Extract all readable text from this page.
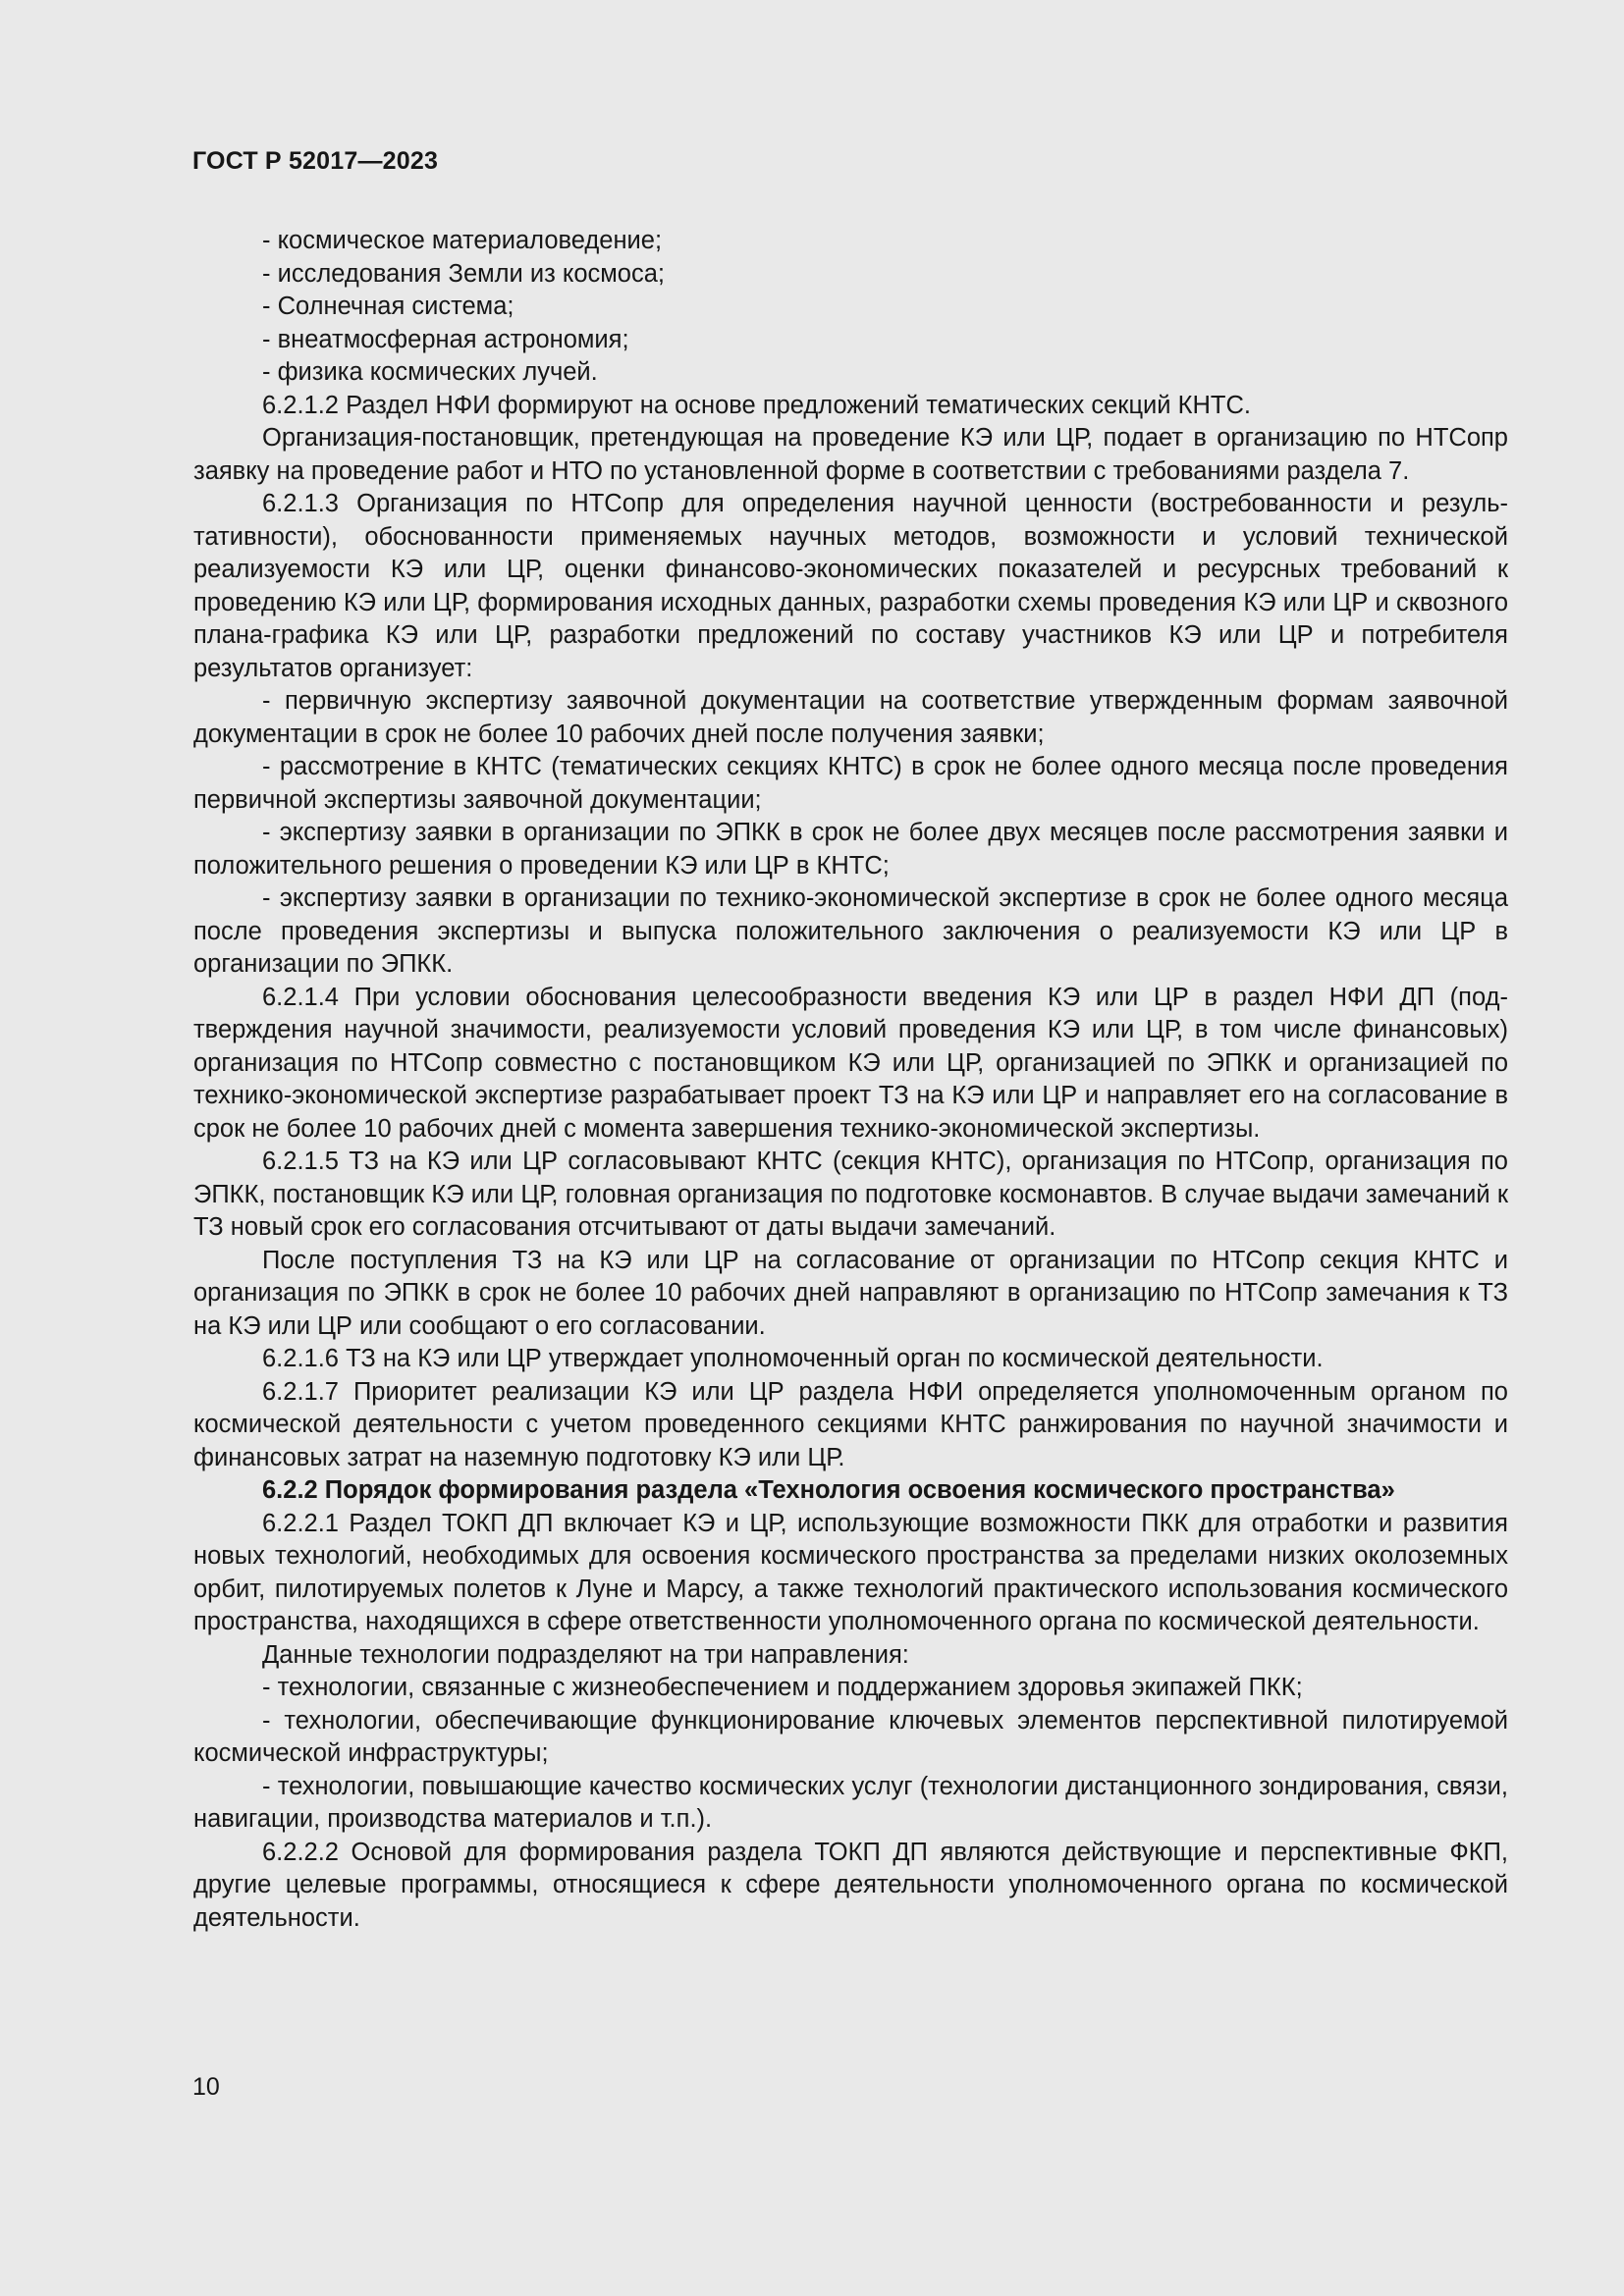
ГОСТ Р 52017—2023

- космическое материаловедение;

- исследования Земли из космоса;

- Солнечная система;

- внеатмосферная астрономия;

- физика космических лучей.

6.2.1.2 Раздел НФИ формируют на основе предложений тематических секций КНТС.

Организация-постановщик, претендующая на проведение КЭ или ЦР, подает в организацию по НТСопр заявку на проведение работ и НТО по установленной форме в соответствии с требованиями раздела 7.

6.2.1.3 Организация по НТСопр для определения научной ценности (востребованности и результативности), обоснованности применяемых научных методов, возможности и условий технической реализуемости КЭ или ЦР, оценки финансово-экономических показателей и ресурсных требований к проведению КЭ или ЦР, формирования исходных данных, разработки схемы проведения КЭ или ЦР и сквозного плана-графика КЭ или ЦР, разработки предложений по составу участников КЭ или ЦР и потребителя результатов организует:

- первичную экспертизу заявочной документации на соответствие утвержденным формам заявочной документации в срок не более 10 рабочих дней после получения заявки;

- рассмотрение в КНТС (тематических секциях КНТС) в срок не более одного месяца после проведения первичной экспертизы заявочной документации;

- экспертизу заявки в организации по ЭПКК в срок не более двух месяцев после рассмотрения заявки и положительного решения о проведении КЭ или ЦР в КНТС;

- экспертизу заявки в организации по технико-экономической экспертизе в срок не более одного месяца после проведения экспертизы и выпуска положительного заключения о реализуемости КЭ или ЦР в организации по ЭПКК.

6.2.1.4 При условии обоснования целесообразности введения КЭ или ЦР в раздел НФИ ДП (подтверждения научной значимости, реализуемости условий проведения КЭ или ЦР, в том числе финансовых) организация по НТСопр совместно с постановщиком КЭ или ЦР, организацией по ЭПКК и организацией по технико-экономической экспертизе разрабатывает проект ТЗ на КЭ или ЦР и направляет его на согласование в срок не более 10 рабочих дней с момента завершения технико-экономической экспертизы.

6.2.1.5 ТЗ на КЭ или ЦР согласовывают КНТС (секция КНТС), организация по НТСопр, организация по ЭПКК, постановщик КЭ или ЦР, головная организация по подготовке космонавтов. В случае выдачи замечаний к ТЗ новый срок его согласования отсчитывают от даты выдачи замечаний.

После поступления ТЗ на КЭ или ЦР на согласование от организации по НТСопр секция КНТС и организация по ЭПКК в срок не более 10 рабочих дней направляют в организацию по НТСопр замечания к ТЗ на КЭ или ЦР или сообщают о его согласовании.

6.2.1.6 ТЗ на КЭ или ЦР утверждает уполномоченный орган по космической деятельности.

6.2.1.7 Приоритет реализации КЭ или ЦР раздела НФИ определяется уполномоченным органом по космической деятельности с учетом проведенного секциями КНТС ранжирования по научной значимости и финансовых затрат на наземную подготовку КЭ или ЦР.

6.2.2 Порядок формирования раздела «Технология освоения космического пространства»

6.2.2.1 Раздел ТОКП ДП включает КЭ и ЦР, использующие возможности ПКК для отработки и развития новых технологий, необходимых для освоения космического пространства за пределами низких околоземных орбит, пилотируемых полетов к Луне и Марсу, а также технологий практического использования космического пространства, находящихся в сфере ответственности уполномоченного органа по космической деятельности.

Данные технологии подразделяют на три направления:

- технологии, связанные с жизнеобеспечением и поддержанием здоровья экипажей ПКК;

- технологии, обеспечивающие функционирование ключевых элементов перспективной пилотируемой космической инфраструктуры;

- технологии, повышающие качество космических услуг (технологии дистанционного зондирования, связи, навигации, производства материалов и т.п.).

6.2.2.2 Основой для формирования раздела ТОКП ДП являются действующие и перспективные ФКП, другие целевые программы, относящиеся к сфере деятельности уполномоченного органа по космической деятельности.

10
